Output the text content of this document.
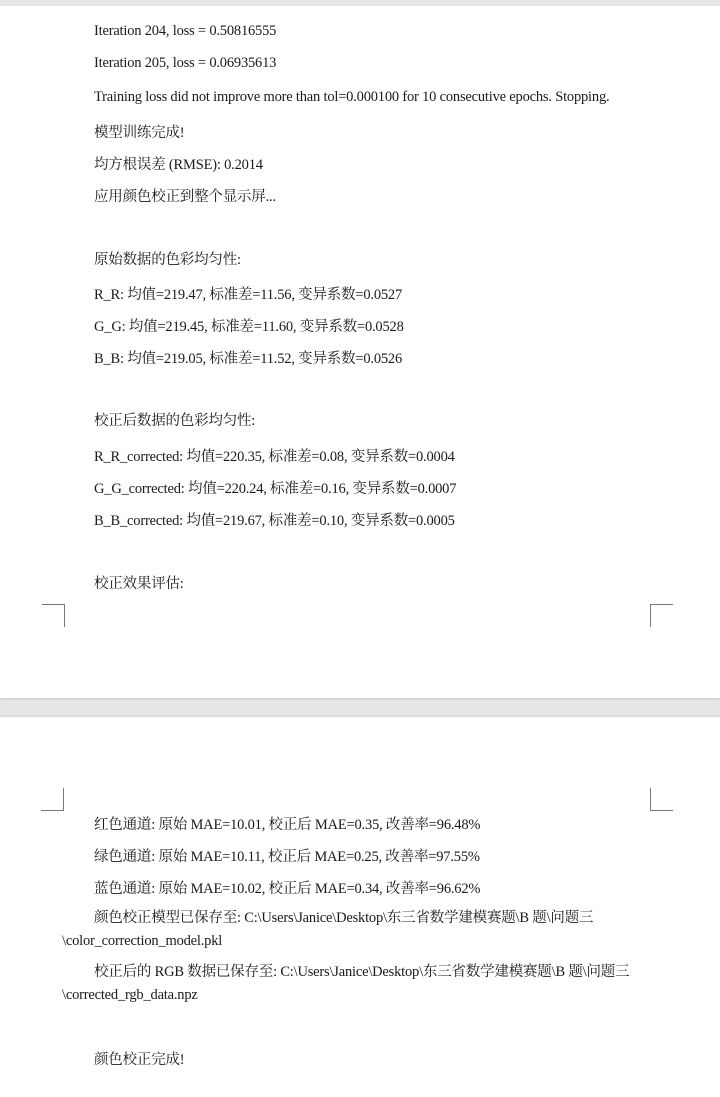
Iteration 204, loss = 0.50816555
Iteration 205, loss = 0.06935613
Training loss did not improve more than tol=0.000100 for 10 consecutive epochs. Stopping.
模型训练完成!
均方根误差 (RMSE): 0.2014
应用颜色校正到整个显示屏...
原始数据的色彩均匀性:
R_R: 均值=219.47, 标准差=11.56, 变异系数=0.0527
G_G: 均值=219.45, 标准差=11.60, 变异系数=0.0528
B_B: 均值=219.05, 标准差=11.52, 变异系数=0.0526
校正后数据的色彩均匀性:
R_R_corrected: 均值=220.35, 标准差=0.08, 变异系数=0.0004
G_G_corrected: 均值=220.24, 标准差=0.16, 变异系数=0.0007
B_B_corrected: 均值=219.67, 标准差=0.10, 变异系数=0.0005
校正效果评估:
红色通道: 原始 MAE=10.01, 校正后 MAE=0.35, 改善率=96.48%
绿色通道: 原始 MAE=10.11, 校正后 MAE=0.25, 改善率=97.55%
蓝色通道: 原始 MAE=10.02, 校正后 MAE=0.34, 改善率=96.62%
颜色校正模型已保存至: C:\Users\Janice\Desktop\东三省数学建模赛题\B 题\问题三\color_correction_model.pkl
校正后的 RGB 数据已保存至: C:\Users\Janice\Desktop\东三省数学建模赛题\B 题\问题三\corrected_rgb_data.npz
颜色校正完成!
